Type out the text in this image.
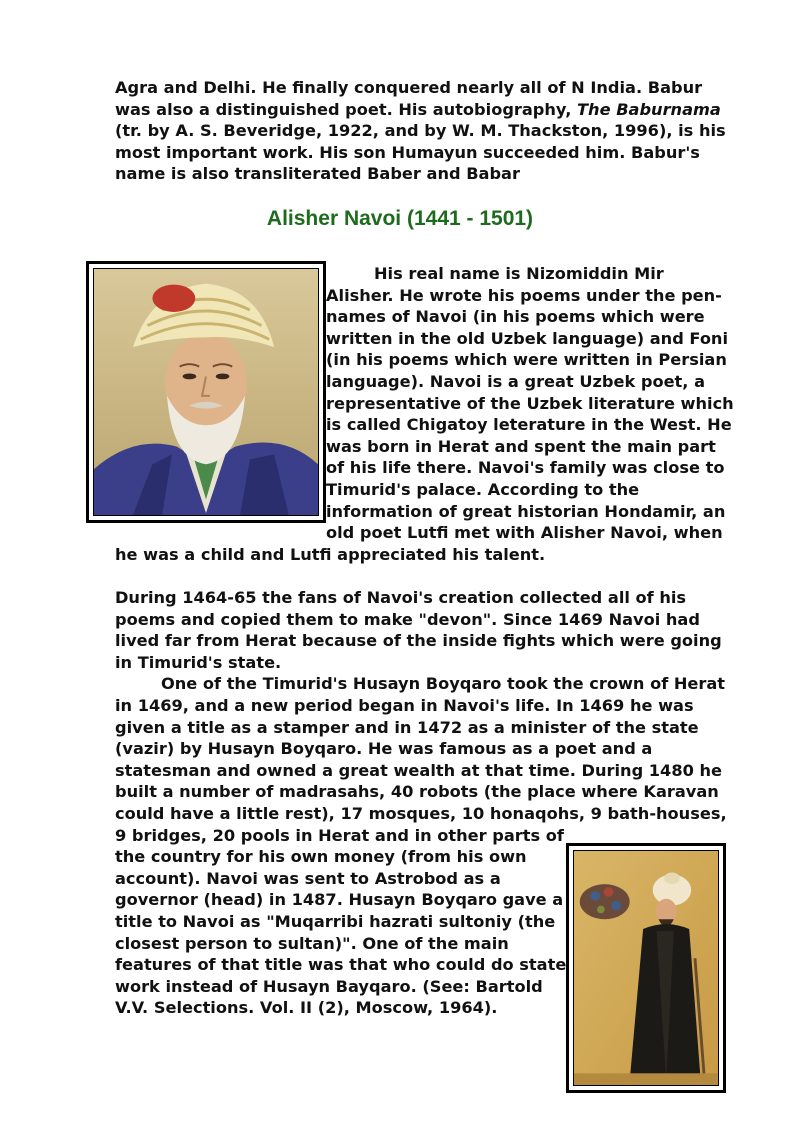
Agra and Delhi. He finally conquered nearly all of N India. Babur
was also a distinguished poet. His autobiography, The Baburnama
(tr. by A. S. Beveridge, 1922, and by W. M. Thackston, 1996), is his
most important work. His son Humayun succeeded him. Babur's
name is also transliterated Baber and Babar
Alisher Navoi (1441 - 1501)
His real name is Nizomiddin Mir
Alisher. He wrote his poems under the pen-
names of Navoi (in his poems which were
written in the old Uzbek language) and Foni
(in his poems which were written in Persian
language). Navoi is a great Uzbek poet, a
representative of the Uzbek literature which
is called Chigatoy leterature in the West. He
was born in Herat and spent the main part
of his life there. Navoi's family was close to
Timurid's palace. According to the
information of great historian Hondamir, an
old poet Lutfi met with Alisher Navoi, when
he was a child and Lutfi appreciated his talent.
During 1464-65 the fans of Navoi's creation collected all of his
poems and copied them to make "devon". Since 1469 Navoi had
lived far from Herat because of the inside fights which were going
in Timurid's state.
One of the Timurid's Husayn Boyqaro took the crown of Herat
in 1469, and a new period began in Navoi's life. In 1469 he was
given a title as a stamper and in 1472 as a minister of the state
(vazir) by Husayn Boyqaro. He was famous as a poet and a
statesman and owned a great wealth at that time. During 1480 he
built a number of madrasahs, 40 robots (the place where Karavan
could have a little rest), 17 mosques, 10 honaqohs, 9 bath-houses,
9 bridges, 20 pools in Herat and in other parts of
the country for his own money (from his own
account). Navoi was sent to Astrobod as a
governor (head) in 1487. Husayn Boyqaro gave a
title to Navoi as "Muqarribi hazrati sultoniy (the
closest person to sultan)". One of the main
features of that title was that who could do state
work instead of Husayn Bayqaro. (See: Bartold
V.V. Selections. Vol. II (2), Moscow, 1964).
